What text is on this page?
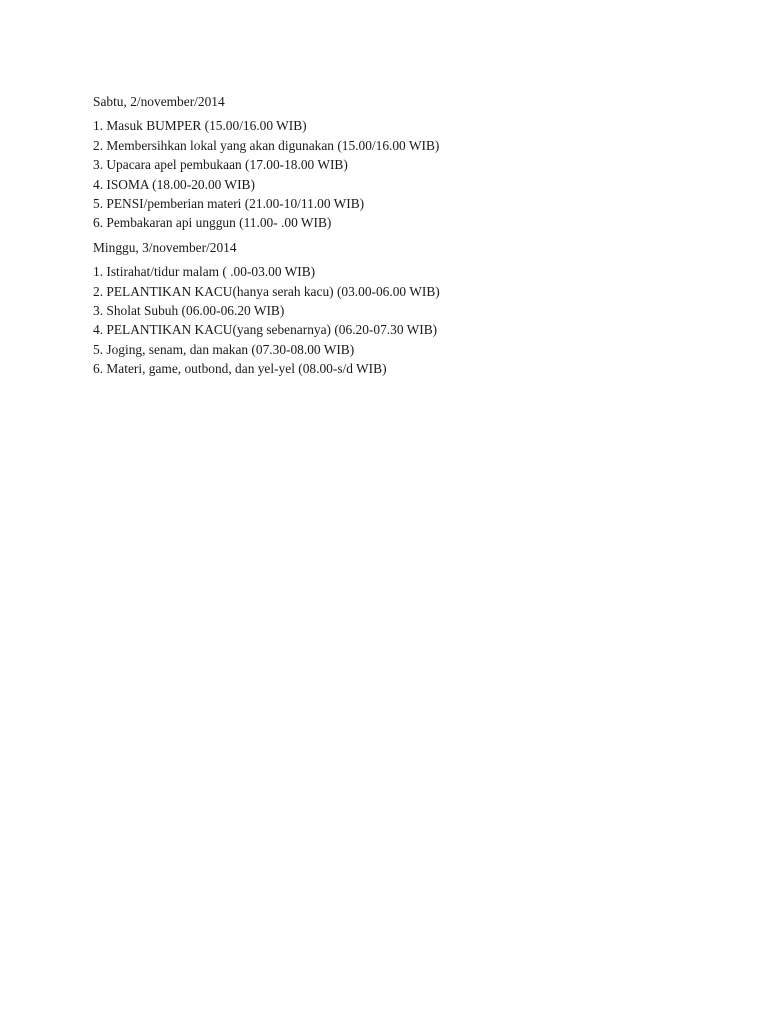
Sabtu, 2/november/2014
1. Masuk BUMPER (15.00/16.00 WIB)
2. Membersihkan lokal yang akan digunakan (15.00/16.00 WIB)
3. Upacara apel pembukaan (17.00-18.00 WIB)
4. ISOMA (18.00-20.00 WIB)
5. PENSI/pemberian materi (21.00-10/11.00 WIB)
6. Pembakaran api unggun (11.00- .00 WIB)
Minggu, 3/november/2014
1. Istirahat/tidur malam ( .00-03.00 WIB)
2. PELANTIKAN KACU(hanya serah kacu) (03.00-06.00 WIB)
3. Sholat Subuh (06.00-06.20 WIB)
4. PELANTIKAN KACU(yang sebenarnya) (06.20-07.30 WIB)
5. Joging, senam, dan makan (07.30-08.00 WIB)
6. Materi, game, outbond, dan yel-yel (08.00-s/d WIB)
